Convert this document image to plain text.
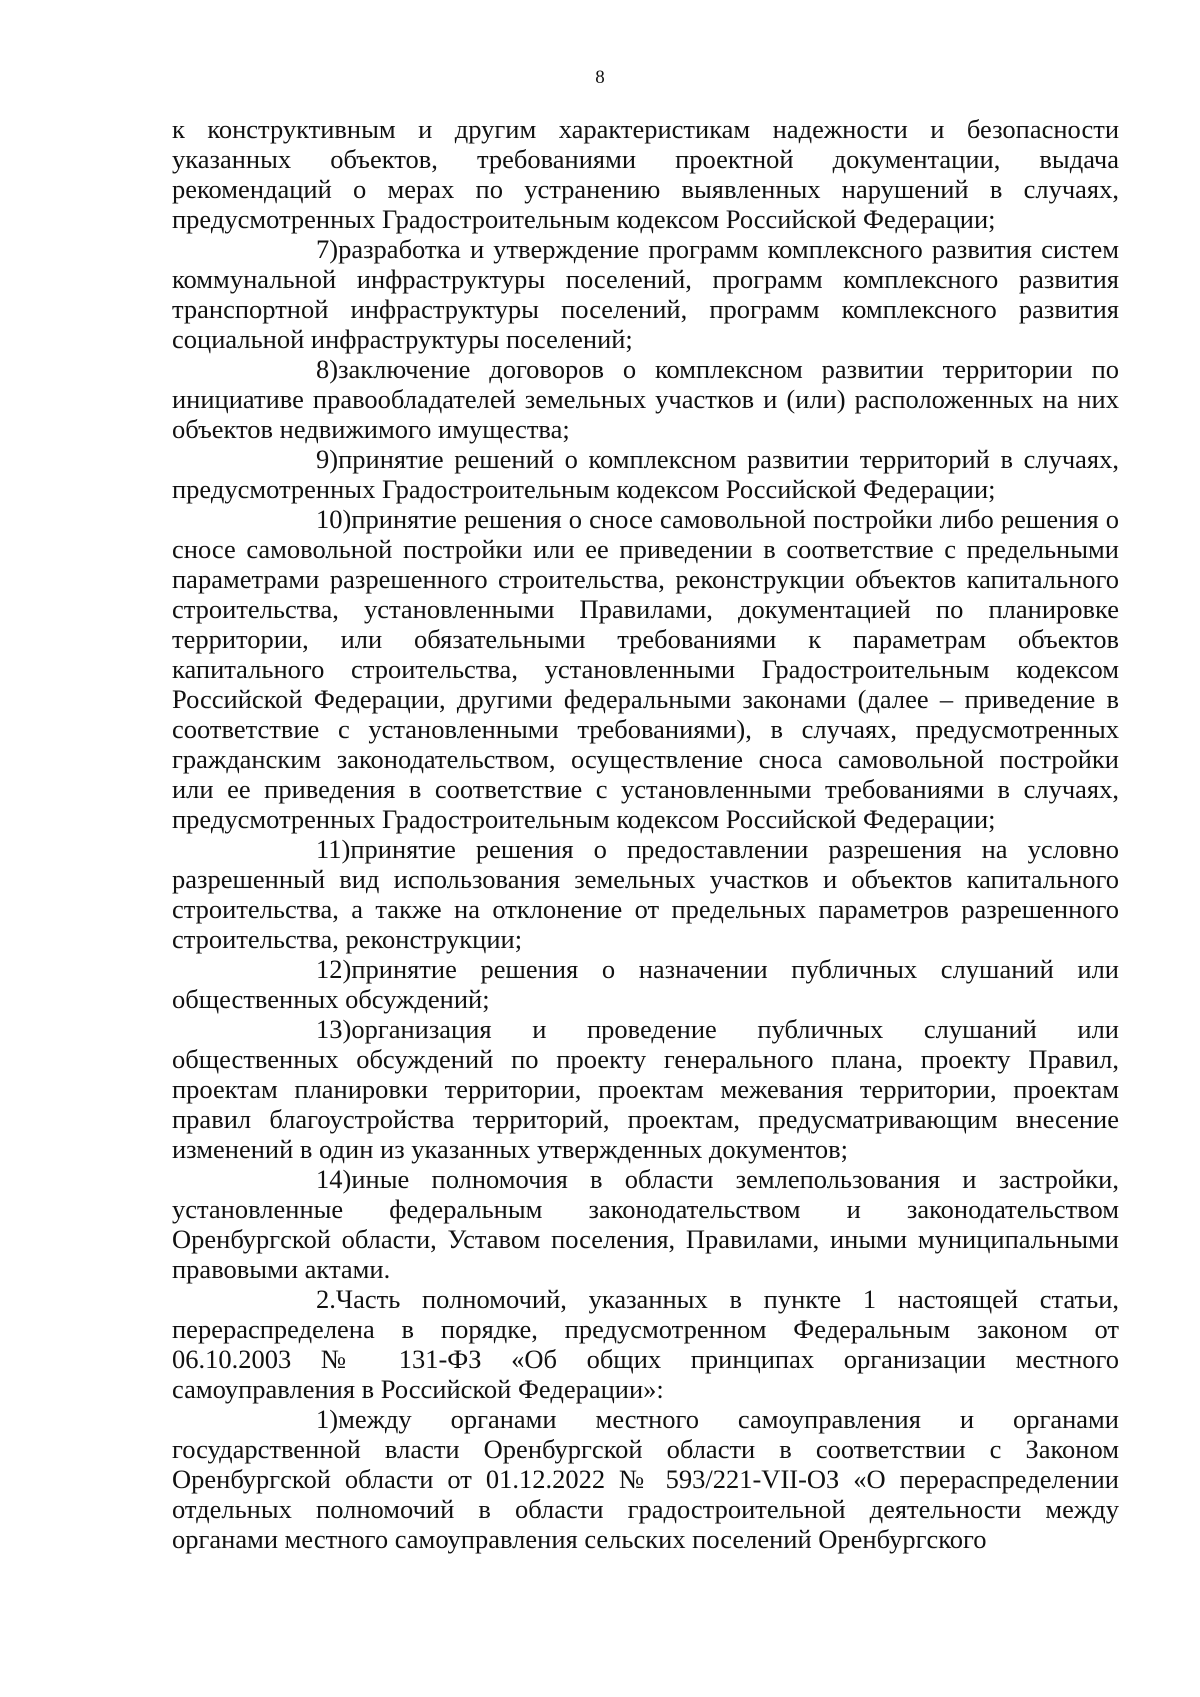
8

к конструктивным и другим характеристикам надежности и безопасности указанных объектов, требованиями проектной документации, выдача рекомендаций о мерах по устранению выявленных нарушений в случаях, предусмотренных Градостроительным кодексом Российской Федерации;

7)разработка и утверждение программ комплексного развития систем коммунальной инфраструктуры поселений, программ комплексного развития транспортной инфраструктуры поселений, программ комплексного развития социальной инфраструктуры поселений;

8)заключение договоров о комплексном развитии территории по инициативе правообладателей земельных участков и (или) расположенных на них объектов недвижимого имущества;

9)принятие решений о комплексном развитии территорий в случаях, предусмотренных Градостроительным кодексом Российской Федерации;

10)принятие решения о сносе самовольной постройки либо решения о сносе самовольной постройки или ее приведении в соответствие с предельными параметрами разрешенного строительства, реконструкции объектов капитального строительства, установленными Правилами, документацией по планировке территории, или обязательными требованиями к параметрам объектов капитального строительства, установленными Градостроительным кодексом Российской Федерации, другими федеральными законами (далее – приведение в соответствие с установленными требованиями), в случаях, предусмотренных гражданским законодательством, осуществление сноса самовольной постройки или ее приведения в соответствие с установленными требованиями в случаях, предусмотренных Градостроительным кодексом Российской Федерации;

11)принятие решения о предоставлении разрешения на условно разрешенный вид использования земельных участков и объектов капитального строительства, а также на отклонение от предельных параметров разрешенного строительства, реконструкции;

12)принятие решения о назначении публичных слушаний или общественных обсуждений;

13)организация и проведение публичных слушаний или общественных обсуждений по проекту генерального плана, проекту Правил, проектам планировки территории, проектам межевания территории, проектам правил благоустройства территорий, проектам, предусматривающим внесение изменений в один из указанных утвержденных документов;

14)иные полномочия в области землепользования и застройки, установленные федеральным законодательством и законодательством Оренбургской области, Уставом поселения, Правилами, иными муниципальными правовыми актами.

2.Часть полномочий, указанных в пункте 1 настоящей статьи, перераспределена в порядке, предусмотренном Федеральным законом от 06.10.2003 № 131-ФЗ «Об общих принципах организации местного самоуправления в Российской Федерации»:

1)между органами местного самоуправления и органами государственной власти Оренбургской области в соответствии с Законом Оренбургской области от 01.12.2022 № 593/221-VII-ОЗ «О перераспределении отдельных полномочий в области градостроительной деятельности между органами местного самоуправления сельских поселений Оренбургского
